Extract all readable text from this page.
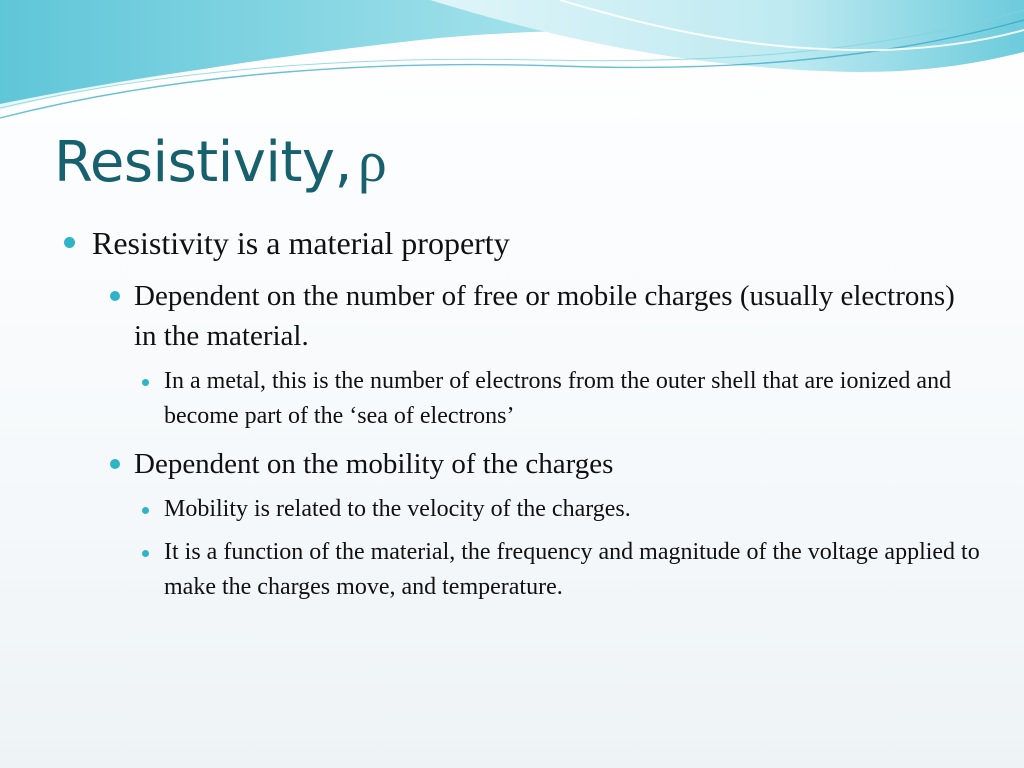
Resistivity, ρ
Resistivity is a material property
Dependent on the number of free or mobile charges (usually electrons) in the material.
In a metal, this is the number of electrons from the outer shell that are ionized and become part of the ‘sea of electrons’
Dependent on the mobility of the charges
Mobility is related to the velocity of the charges.
It is a function of the material, the frequency and magnitude of the voltage applied to make the charges move, and temperature.
